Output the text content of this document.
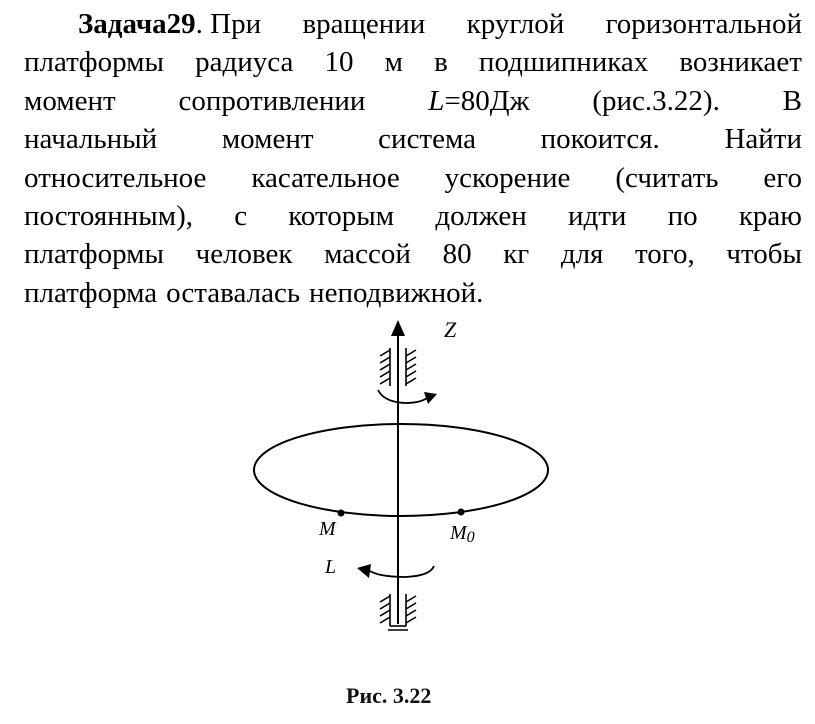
Задача29. При вращении круглой горизонтальной
платформы радиуса 10 м в подшипниках возникает
момент сопротивлении L=80Дж (рис.3.22). В
начальный момент система покоится. Найти
относительное касательное ускорение (считать его
постоянным), с которым должен идти по краю
платформы человек массой 80 кг для того, чтобы
платформа оставалась неподвижной.
Z
M	M0
L
Рис. 3.22
